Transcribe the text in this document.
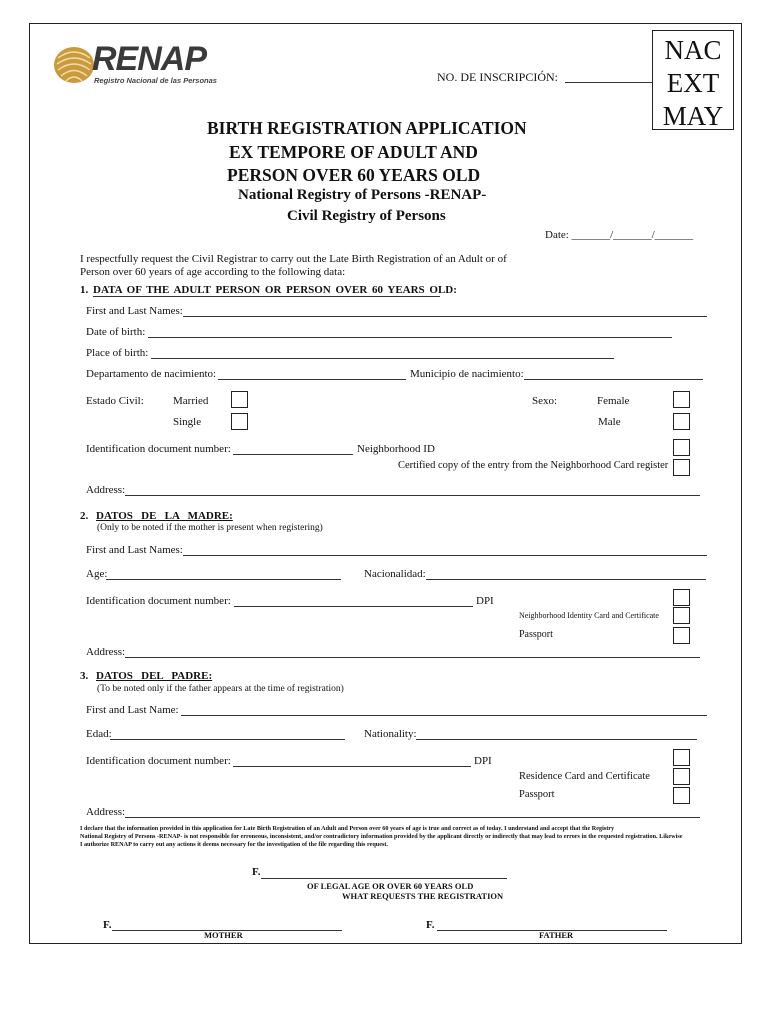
RENAP
Registro Nacional de las Personas	NO. DE INSCRIPCIÓN:
NAC
EXT
MAY
BIRTH REGISTRATION APPLICATION
EX TEMPORE OF ADULT AND
PERSON OVER 60 YEARS OLD
National Registry of Persons -RENAP-
Civil Registry of Persons
Date: _______/_______/_______
I respectfully request the Civil Registrar to carry out the Late Birth Registration of an Adult or of
Person over 60 years of age according to the following data:
1. DATA OF THE ADULT PERSON OR PERSON OVER 60 YEARS OLD:
First and Last Names:
Date of birth:
Place of birth:
Departamento de nacimiento:	Municipio de nacimiento:
Estado Civil:	Married
Single
Sexo:	Female
Male
Identification document number:	Neighborhood ID
Certified copy of the entry from the Neighborhood Card register
Address:
2. DATOS   DE   LA   MADRE:
(Only to be noted if the mother is present when registering)
First and Last Names:
Age:	Nacionalidad:
Identification document number:	DPI
Neighborhood Identity Card and Certificate
Passport
Address:
3. DATOS   DEL   PADRE:
(To be noted only if the father appears at the time of registration)
First and Last Name:
Edad:	Nationality:
Identification document number:	DPI
Residence Card and Certificate
Passport
Address:
I declare that the information provided in this application for Late Birth Registration of an Adult and Person over 60 years of age is true and correct as of today. I understand and accept that the Registry
National Registry of Persons -RENAP- is not responsible for erroneous, inconsistent, and/or contradictory information provided by the applicant directly or indirectly that may lead to errors in the requested registration. Likewise
I authorize RENAP to carry out any actions it deems necessary for the investigation of the file regarding this request.
F.
OF LEGAL AGE OR OVER 60 YEARS OLD
WHAT REQUESTS THE REGISTRATION
F.
MOTHER
F.
FATHER
